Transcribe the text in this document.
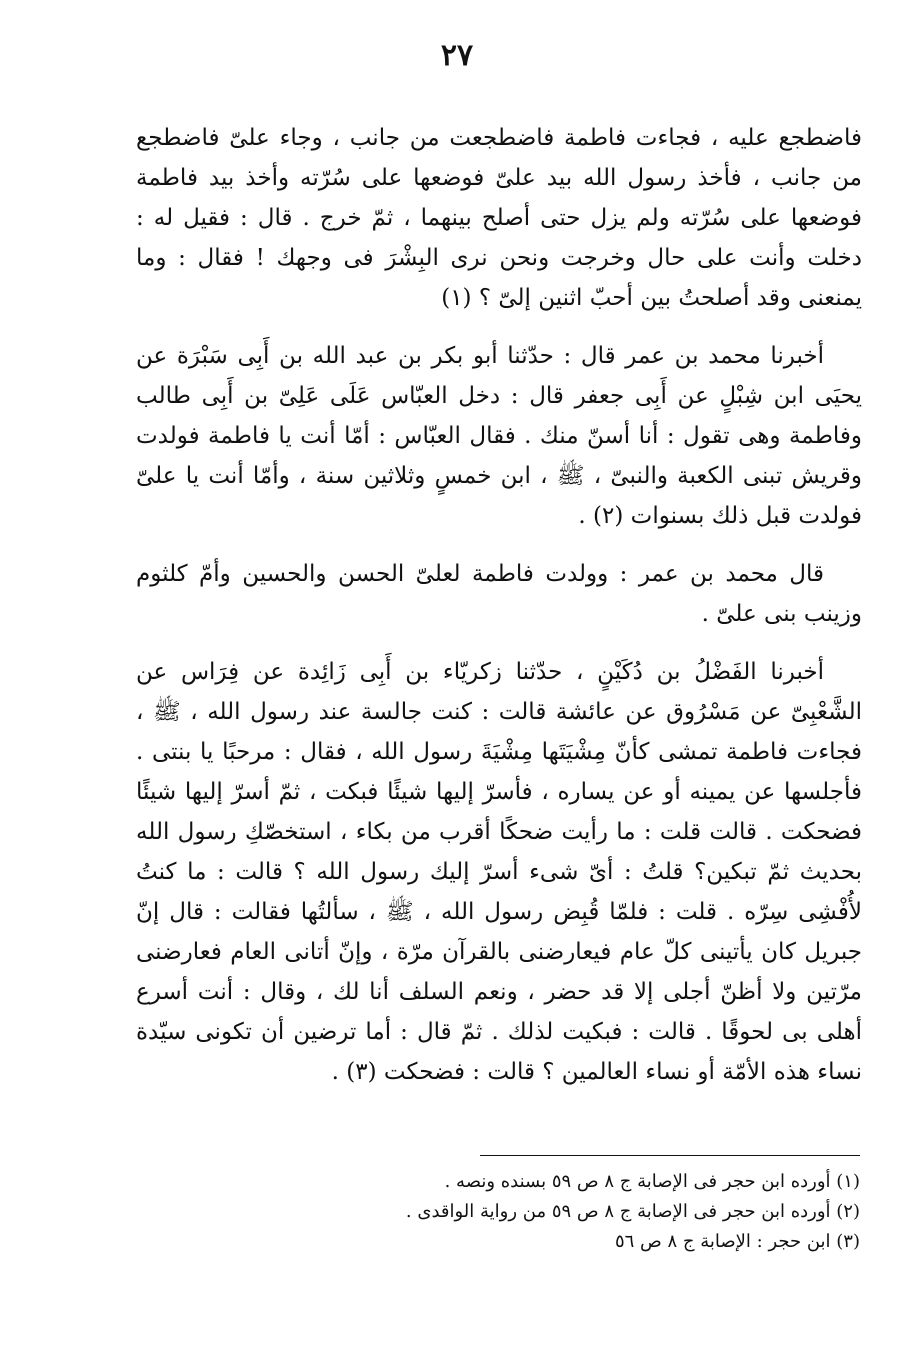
٢٧

فاضطجع عليه ، فجاءت فاطمة فاضطجعت من جانب ، وجاء علىّ فاضطجع من جانب ، فأخذ رسول الله بيد علىّ فوضعها على سُرّته وأخذ بيد فاطمة فوضعها على سُرّته ولم يزل حتى أصلح بينهما ، ثمّ خرج . قال : فقيل له : دخلت وأنت على حال وخرجت ونحن نرى البِشْرَ فى وجهك ! فقال : وما يمنعنى وقد أصلحتُ بين أحبّ اثنين إلىّ ؟ (١)

أخبرنا محمد بن عمر قال : حدّثنا أبو بكر بن عبد الله بن أَبِى سَبْرَة عن يحيَى ابن شِبْلٍ عن أَبِى جعفر قال : دخل العبّاس عَلَى عَلِىّ بن أَبِى طالب وفاطمة وهى تقول : أنا أسنّ منك . فقال العبّاس : أمّا أنت يا فاطمة فولدت وقريش تبنى الكعبة والنبىّ ، ﷺ ، ابن خمسٍ وثلاثين سنة ، وأمّا أنت يا علىّ فولدت قبل ذلك بسنوات (٢) .

قال محمد بن عمر : وولدت فاطمة لعلىّ الحسن والحسين وأمّ كلثوم وزينب بنى علىّ .

أخبرنا الفَضْلُ بن دُكَيْنٍ ، حدّثنا زكريّاء بن أَبِى زَائِدة عن فِرَاس عن الشَّعْبِىّ عن مَسْرُوق عن عائشة قالت : كنت جالسة عند رسول الله ، ﷺ ، فجاءت فاطمة تمشى كأنّ مِشْيَتَها مِشْيَةَ رسول الله ، فقال : مرحبًا يا بنتى . فأجلسها عن يمينه أو عن يساره ، فأسرّ إليها شيئًا فبكت ، ثمّ أسرّ إليها شيئًا فضحكت . قالت قلت : ما رأيت ضحكًا أقرب من بكاء ، استخصّكِ رسول الله بحديث ثمّ تبكين؟ قلتُ : أىّ شىء أسرّ إليك رسول الله ؟ قالت : ما كنتُ لأُفْشِى سِرّه . قلت : فلمّا قُبِض رسول الله ، ﷺ ، سألتُها فقالت : قال إنّ جبريل كان يأتينى كلّ عام فيعارضنى بالقرآن مرّة ، وإنّ أتانى العام فعارضنى مرّتين ولا أظنّ أجلى إلا قد حضر ، ونعم السلف أنا لك ، وقال : أنت أسرع أهلى بى لحوقًا . قالت : فبكيت لذلك . ثمّ قال : أما ترضين أن تكونى سيّدة نساء هذه الأمّة أو نساء العالمين ؟ قالت : فضحكت (٣) .

(١) أورده ابن حجر فى الإصابة ج ٨ ص ٥٩ بسنده ونصه .

(٢) أورده ابن حجر فى الإصابة ج ٨ ص ٥٩ من رواية الواقدى .

(٣) ابن حجر : الإصابة ج ٨ ص ٥٦
